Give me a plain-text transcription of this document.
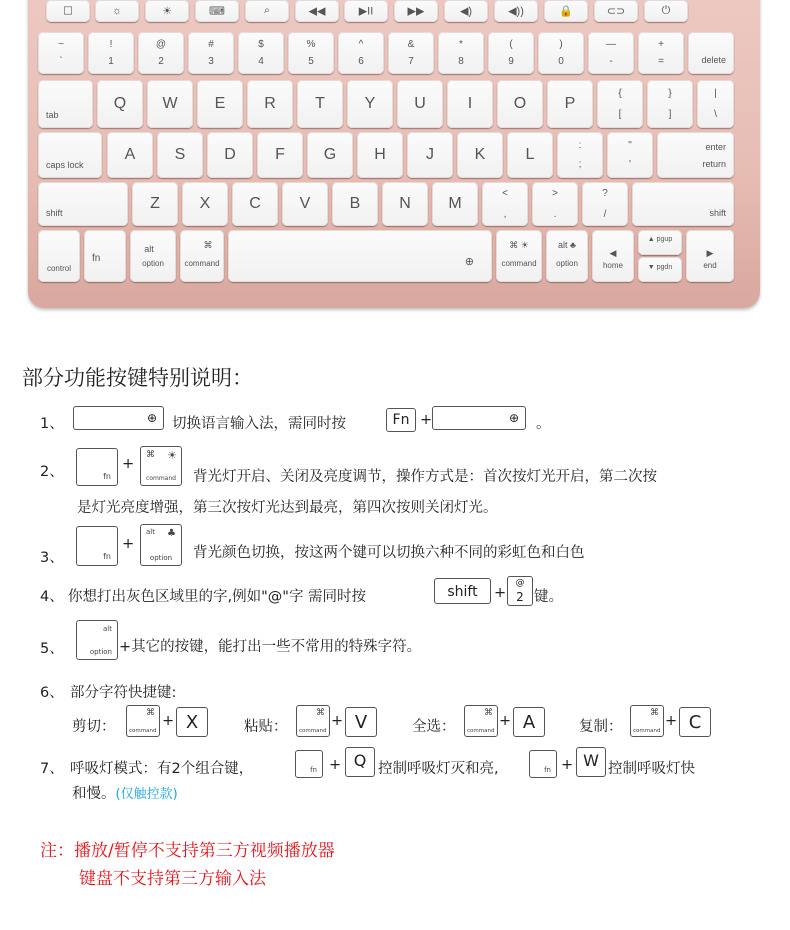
☐	☼	☀	⌨	⌕	◀◀	▶II	▶▶	◀)	◀))	🔒	⊂⊃	⏻
~
`
!
1
@
2
#
3
$
4
%
5
^
6
&
7
*
8
(
9
)
0
—
-
+
=	delete
tab
Q	W	E	R	T	Y	U	I	O	P
{
[
}
]
|
\
caps lock
A	S	D	F	G	H	J	K	L
:
;
"
'
enter
return
shift
Z	X	C	V	B	N	M
<
,
>
.
?
/	shift
control
fn
alt
option
⌘
command	⊕
⌘ ☀
command
alt ♣
option
◀
home
▲ pgup
▼ pgdn
▶
end
部分功能按键特别说明：
1、	⊕ 切换语言输入法，需同时按	Fn +	⊕ 。
2、	fn
+
⌘ ☀
command	背光灯开启、关闭及亮度调节，操作方式是：首次按灯光开启，第二次按
是灯光亮度增强，第三次按灯光达到最亮，第四次按则关闭灯光。
3、	fn
+
alt ♣
option	背光颜色切换，按这两个键可以切换六种不同的彩虹色和白色
4、 你想打出灰色区域里的字,例如"@"字 需同时按	shift	+
@
2 键。
5、
alt
option +其它的按键，能打出一些不常用的特殊字符。
6、 部分字符快捷键:
剪切：
⌘
command
+ X	粘贴：
⌘
command
+ V	全选：
⌘
command
+ A	复制：
⌘
command
+ C
7、 呼吸灯模式：有2个组合键，	fn + Q 控制呼吸灯灭和亮,	fn + W 控制呼吸灯快
和慢。(仅触控款)
注：播放/暂停不支持第三方视频播放器
键盘不支持第三方输入法
